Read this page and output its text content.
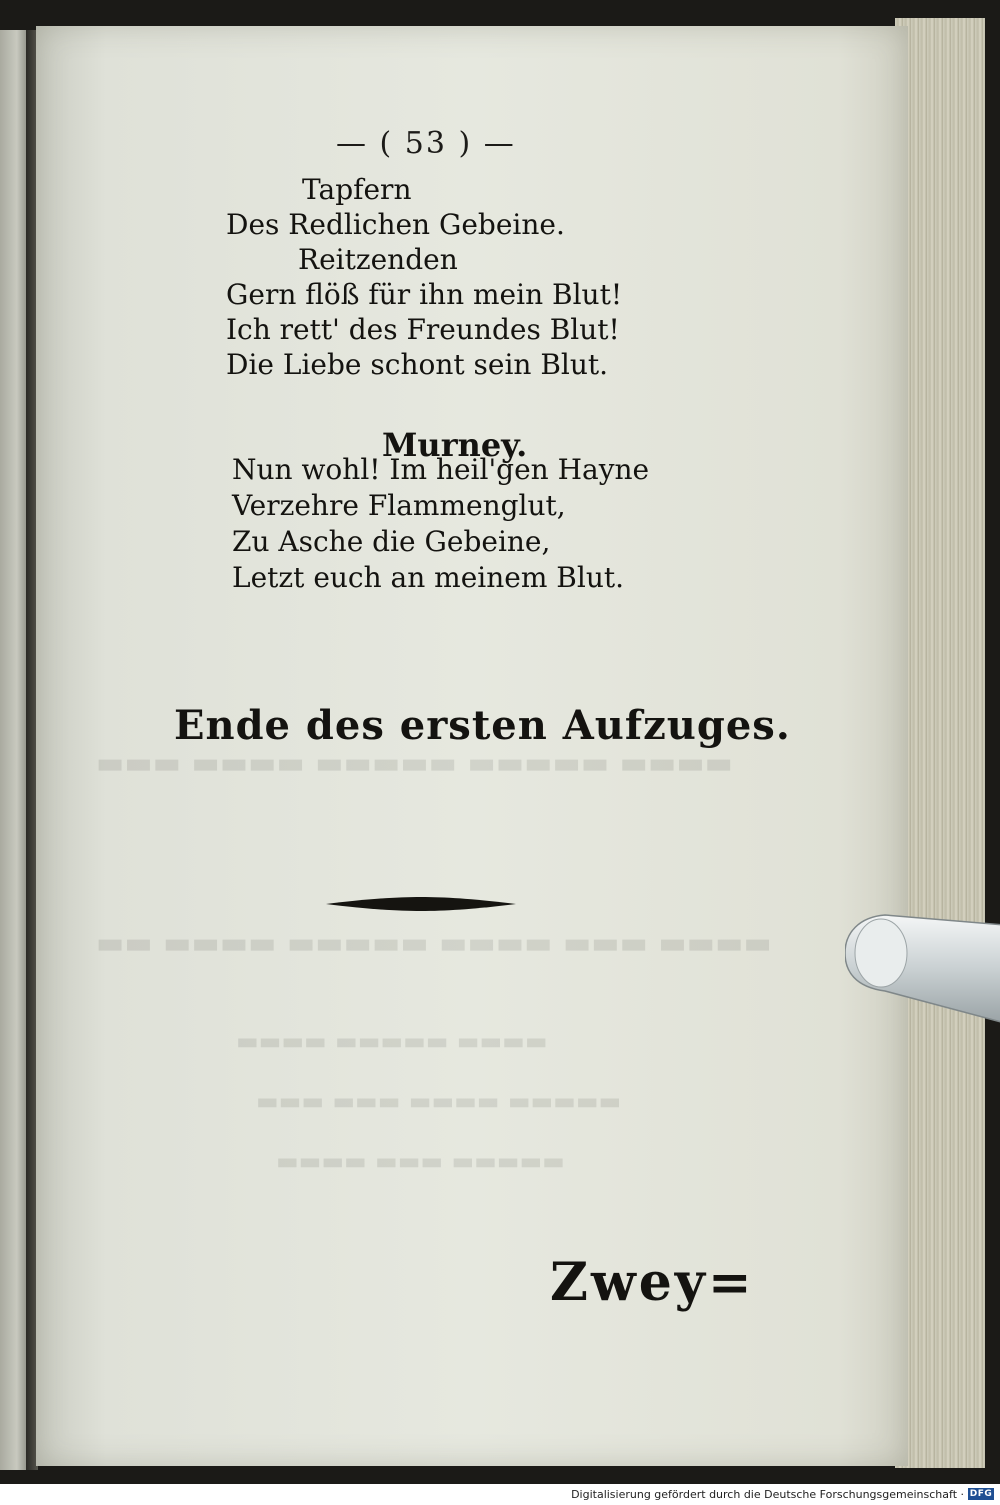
▬▬▬ ▬▬▬▬ ▬▬▬▬▬ ▬▬▬▬▬ ▬▬▬▬
▬▬ ▬▬▬▬ ▬▬▬▬▬ ▬▬▬▬ ▬▬▬ ▬▬▬▬
▬▬▬▬ ▬▬▬▬▬ ▬▬▬▬
▬▬▬ ▬▬▬ ▬▬▬▬ ▬▬▬▬▬
▬▬▬▬ ▬▬▬ ▬▬▬▬▬
— ( 53 ) —
Tapfern
Des Redlichen Gebeine.
Reitzenden
Gern flöß für ihn mein Blut!
Ich rett' des Freundes Blut!
Die Liebe schont sein Blut.
Murney.
Nun wohl! Im heil'gen Hayne
Verzehre Flammenglut,
Zu Asche die Gebeine,
Letzt euch an meinem Blut.
Ende des ersten Aufzuges.
Zwey=
Digitalisierung gefördert durch die Deutsche Forschungsgemeinschaft · DFG
